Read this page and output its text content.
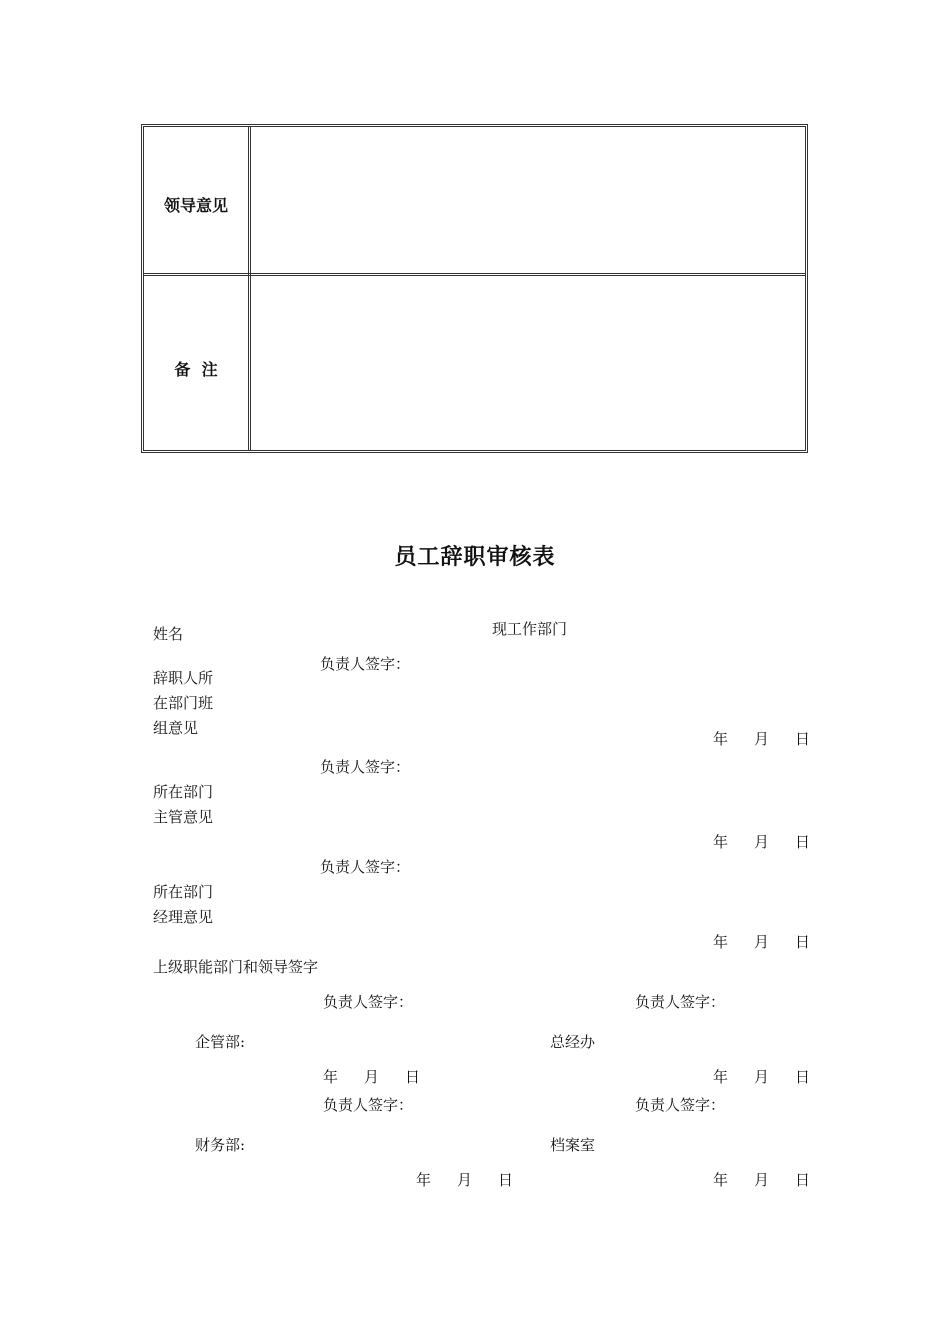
领导意见
备  注
员工辞职审核表
姓名	现工作部门
负责人签字：
辞职人所
在部门班
组意见
年 月 日
负责人签字：
所在部门
主管意见
年 月 日
负责人签字：
所在部门
经理意见
年 月 日
上级职能部门和领导签字
负责人签字：	负责人签字：
企管部:	总经办
年 月 日	年 月 日
负责人签字：	负责人签字：
财务部:	档案室
年 月 日	年 月 日
